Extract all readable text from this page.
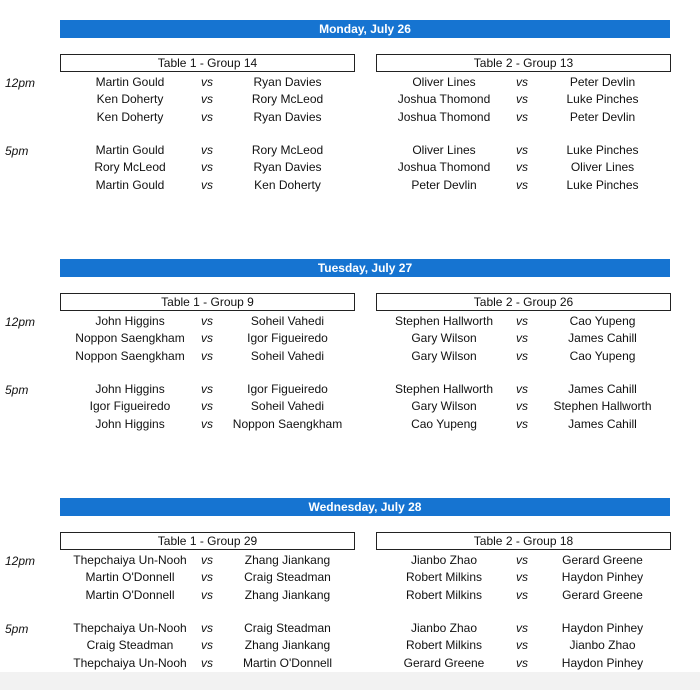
Monday, July 26
Table 1 - Group 14	Table 2 - Group 13
12pm	Martin Gould	vs	Ryan Davies	Oliver Lines	vs	Peter Devlin
Ken Doherty	vs	Rory McLeod	Joshua Thomond	vs	Luke Pinches
Ken Doherty	vs	Ryan Davies	Joshua Thomond	vs	Peter Devlin
5pm	Martin Gould	vs	Rory McLeod	Oliver Lines	vs	Luke Pinches
Rory McLeod	vs	Ryan Davies	Joshua Thomond	vs	Oliver Lines
Martin Gould	vs	Ken Doherty	Peter Devlin	vs	Luke Pinches
Tuesday, July 27
Table 1 - Group 9	Table 2 - Group 26
12pm	John Higgins	vs	Soheil Vahedi	Stephen Hallworth	vs	Cao Yupeng
Noppon Saengkham	vs	Igor Figueiredo	Gary Wilson	vs	James Cahill
Noppon Saengkham	vs	Soheil Vahedi	Gary Wilson	vs	Cao Yupeng
5pm	John Higgins	vs	Igor Figueiredo	Stephen Hallworth	vs	James Cahill
Igor Figueiredo	vs	Soheil Vahedi	Gary Wilson	vs	Stephen Hallworth
John Higgins	vs	Noppon Saengkham	Cao Yupeng	vs	James Cahill
Wednesday, July 28
Table 1 - Group 29	Table 2 - Group 18
12pm	Thepchaiya Un-Nooh	vs	Zhang Jiankang	Jianbo Zhao	vs	Gerard Greene
Martin O'Donnell	vs	Craig Steadman	Robert Milkins	vs	Haydon Pinhey
Martin O'Donnell	vs	Zhang Jiankang	Robert Milkins	vs	Gerard Greene
5pm	Thepchaiya Un-Nooh	vs	Craig Steadman	Jianbo Zhao	vs	Haydon Pinhey
Craig Steadman	vs	Zhang Jiankang	Robert Milkins	vs	Jianbo Zhao
Thepchaiya Un-Nooh	vs	Martin O'Donnell	Gerard Greene	vs	Haydon Pinhey
